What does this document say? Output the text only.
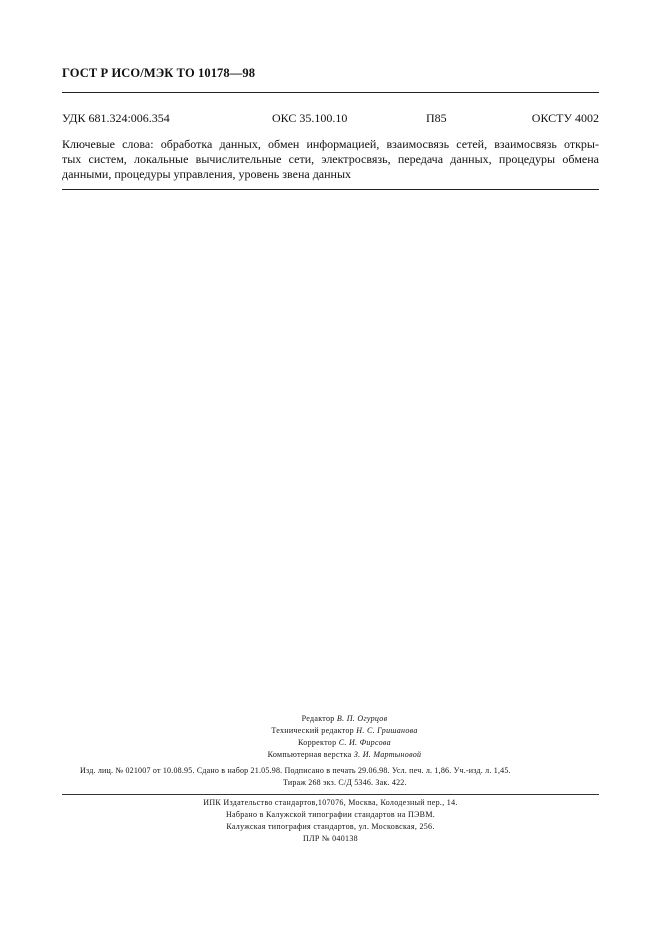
ГОСТ Р ИСО/МЭК ТО 10178—98
УДК 681.324:006.354	ОКС 35.100.10	П85	ОКСТУ 4002
Ключевые слова: обработка данных, обмен информацией, взаимосвязь сетей, взаимосвязь откры-
тых систем, локальные вычислительные сети, электросвязь, передача данных, процедуры обмена
данными, процедуры управления, уровень звена данных
Редактор В. П. Огурцов
Технический редактор Н. С. Гришанова
Корректор С. И. Фирсова
Компьютерная верстка З. И. Мартыновой
Изд. лиц. № 021007 от 10.08.95. Сдано в набор 21.05.98. Подписано в печать 29.06.98. Усл. печ. л. 1,86. Уч.-изд. л. 1,45.
Тираж 268 экз. С/Д 5346. Зак. 422.
ИПК Издательство стандартов,107076, Москва, Колодезный пер., 14.
Набрано в Калужской типографии стандартов на ПЭВМ.
Калужская типография стандартов, ул. Московская, 256.
ПЛР № 040138
